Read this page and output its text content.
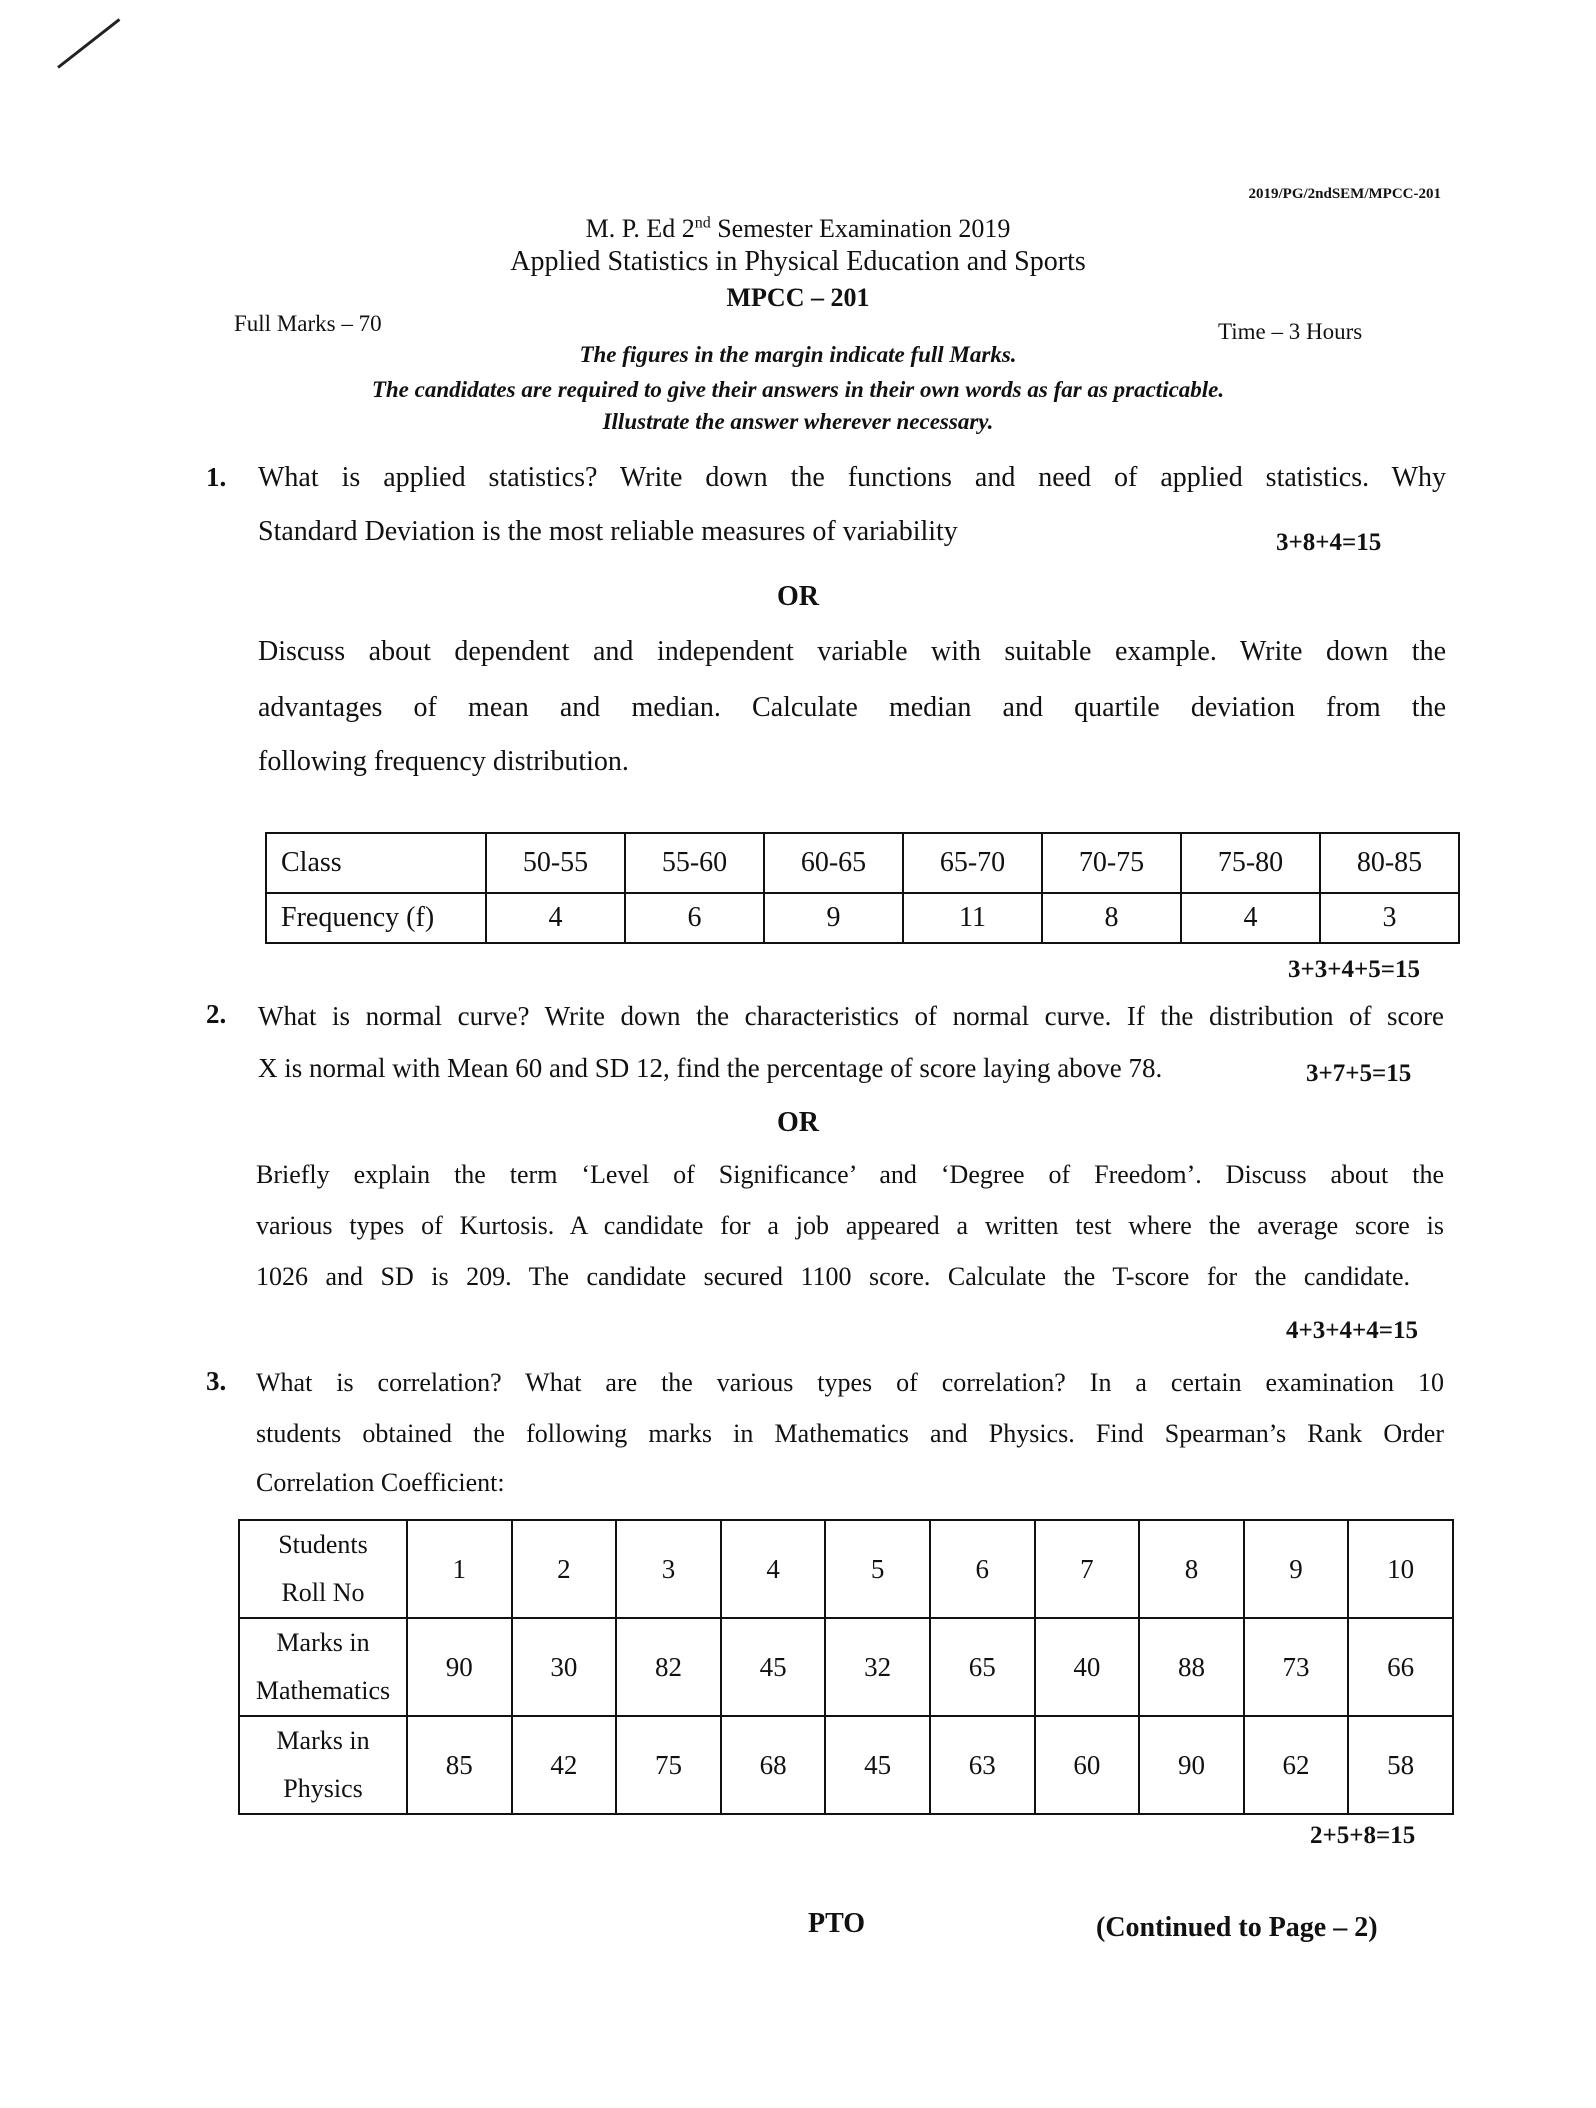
2019/PG/2ndSEM/MPCC-201
M. P. Ed 2nd Semester Examination 2019
Applied Statistics in Physical Education and Sports
MPCC – 201
Full Marks – 70	Time – 3 Hours
The figures in the margin indicate full Marks.
The candidates are required to give their answers in their own words as far as practicable.
Illustrate the answer wherever necessary.
1. What is applied statistics? Write down the functions and need of applied statistics. Why
Standard Deviation is the most reliable measures of variability	3+8+4=15
OR
Discuss about dependent and independent variable with suitable example. Write down the
advantages of mean and median. Calculate median and quartile deviation from the
following frequency distribution.
Class	50-55	55-60	60-65	65-70	70-75	75-80	80-85
Frequency (f)	4	6	9	11	8	4	3
3+3+4+5=15
2. What is normal curve? Write down the characteristics of normal curve. If the distribution of score
X is normal with Mean 60 and SD 12, find the percentage of score laying above 78.	3+7+5=15
OR
Briefly explain the term ‘Level of Significance’ and ‘Degree of Freedom’. Discuss about the
various types of Kurtosis. A candidate for a job appeared a written test where the average score is
1026 and SD is 209. The candidate secured 1100 score. Calculate the T-score for the candidate.
4+3+4+4=15
3. What is correlation? What are the various types of correlation? In a certain examination 10
students obtained the following marks in Mathematics and Physics. Find Spearman’s Rank Order
Correlation Coefficient:
Students
Roll No	1	2	3	4	5	6	7	8	9	10

Marks in
Mathematics	90	30	82	45	32	65	40	88	73	66

Marks in
Physics	85	42	75	68	45	63	60	90	62	58
2+5+8=15
PTO	(Continued to Page – 2)
